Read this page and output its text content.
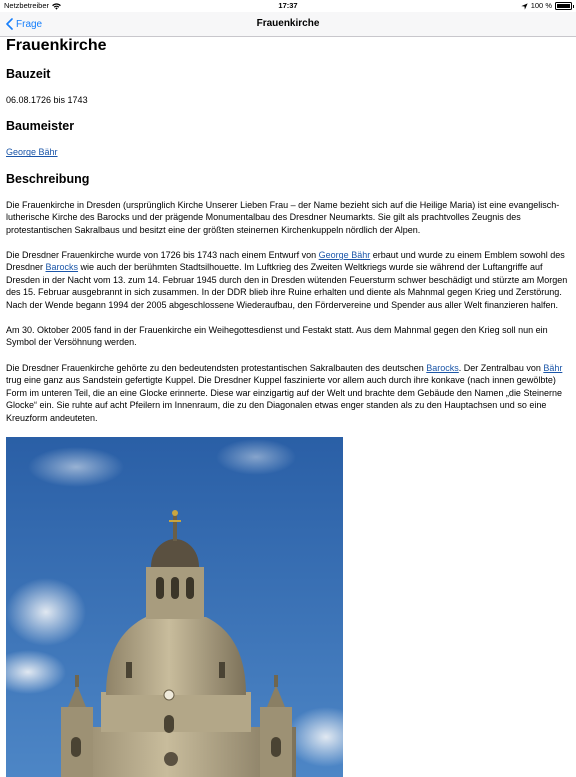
Netzbetreiber	17:37	100 %
Frage	Frauenkirche
Frauenkirche
Bauzeit

06.08.1726 bis 1743

Baumeister

George Bähr

Beschreibung

Die Frauenkirche in Dresden (ursprünglich Kirche Unserer Lieben Frau – der Name bezieht sich auf die Heilige Maria) ist eine evangelisch-lutherische Kirche des Barocks und der prägende Monumentalbau des Dresdner Neumarkts. Sie gilt als prachtvolles Zeugnis des protestantischen Sakralbaus und besitzt eine der größten steinernen Kirchenkuppeln nördlich der Alpen.

Die Dresdner Frauenkirche wurde von 1726 bis 1743 nach einem Entwurf von George Bähr erbaut und wurde zu einem Emblem sowohl des Dresdner Barocks wie auch der berühmten Stadtsilhouette. Im Luftkrieg des Zweiten Weltkriegs wurde sie während der Luftangriffe auf Dresden in der Nacht vom 13. zum 14. Februar 1945 durch den in Dresden wütenden Feuersturm schwer beschädigt und stürzte am Morgen des 15. Februar ausgebrannt in sich zusammen. In der DDR blieb ihre Ruine erhalten und diente als Mahnmal gegen Krieg und Zerstörung. Nach der Wende begann 1994 der 2005 abgeschlossene Wiederaufbau, den Fördervereine und Spender aus aller Welt finanzieren halfen.

Am 30. Oktober 2005 fand in der Frauenkirche ein Weihegottesdienst und Festakt statt. Aus dem Mahnmal gegen den Krieg soll nun ein Symbol der Versöhnung werden.

Die Dresdner Frauenkirche gehörte zu den bedeutendsten protestantischen Sakralbauten des deutschen Barocks. Der Zentralbau von Bähr trug eine ganz aus Sandstein gefertigte Kuppel. Die Dresdner Kuppel faszinierte vor allem auch durch ihre konkave (nach innen gewölbte) Form im unteren Teil, die an eine Glocke erinnerte. Diese war einzigartig auf der Welt und brachte dem Gebäude den Namen „die Steinerne Glocke“ ein. Sie ruhte auf acht Pfeilern im Innenraum, die zu den Diagonalen etwas enger standen als zu den Hauptachsen und so eine Kreuzform andeuteten.
